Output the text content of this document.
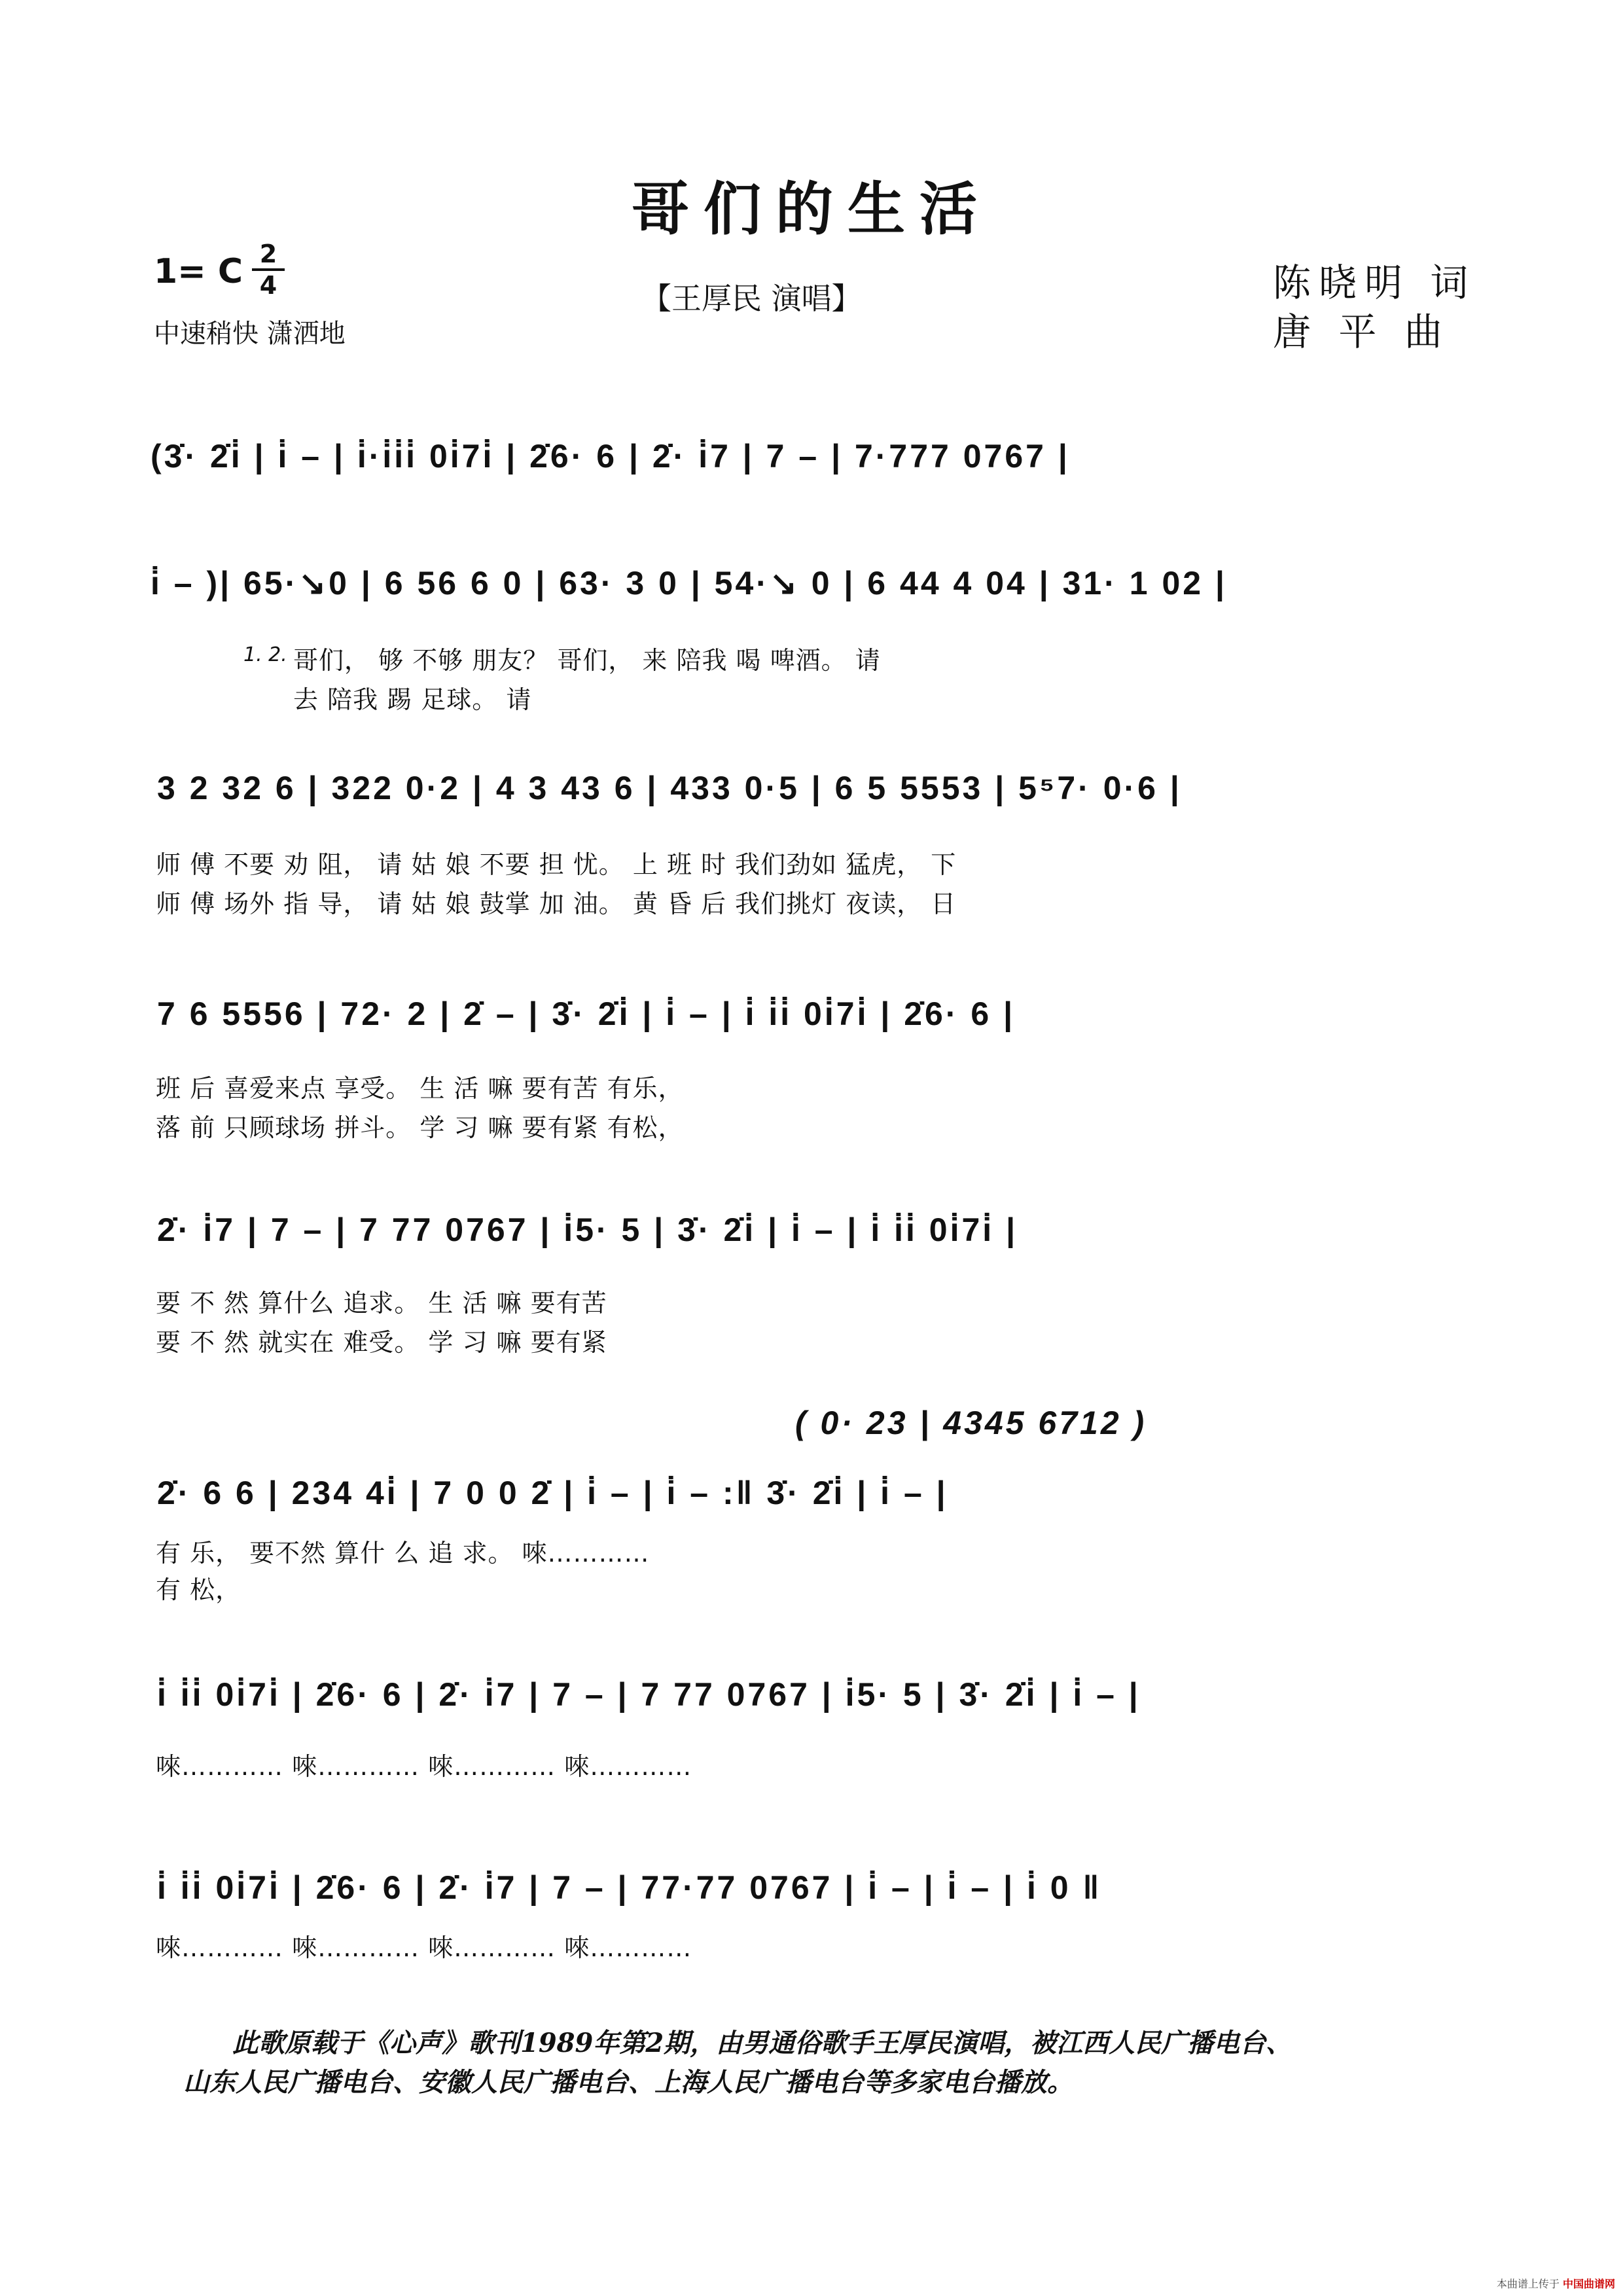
哥们的生活
1= C 2
4
中速稍快 潇洒地
【王厚民 演唱】	陈晓明 词
唐 平 曲
(3̇· 2̇i̇ | i̇ – | i̇·i̇i̇i̇ 0i̇7i̇ | 2̇6· 6 | 2̇· i̇7 | 7 – | 7·777 0767 |
i̇ – )| 65·↘0 | 6 56 6 0 | 63· 3 0 | 54·↘ 0 | 6 44 4 04 | 31· 1 02 |
1. 2. 哥们， 够 不够 朋友？ 哥们， 来 陪我 喝 啤酒。 请
去 陪我 踢 足球。 请
3 2 32 6 | 322 0·2 | 4 3 43 6 | 433 0·5 | 6 5 5553 | 5⁵7· 0·6 |
师 傅 不要 劝 阻， 请 姑 娘 不要 担 忧。 上 班 时 我们劲如 猛虎， 下
师 傅 场外 指 导， 请 姑 娘 鼓掌 加 油。 黄 昏 后 我们挑灯 夜读， 日
7 6 5556 | 72· 2 | 2̇ – | 3̇· 2̇i̇ | i̇ – | i̇ i̇i̇ 0i̇7i̇ | 2̇6· 6 |
班 后 喜爱来点 享受。 生 活 嘛 要有苦 有乐，
落 前 只顾球场 拼斗。 学 习 嘛 要有紧 有松，
2̇· i̇7 | 7 – | 7 77 0767 | i̇5· 5 | 3̇· 2̇i̇ | i̇ – | i̇ i̇i̇ 0i̇7i̇ |
要 不 然 算什么 追求。 生 活 嘛 要有苦
要 不 然 就实在 难受。 学 习 嘛 要有紧
( 0· 23 | 4345 6712 )
2̇· 6 6 | 234 4i̇ | 7 0 0 2̇ | i̇ – | i̇ – :‖ 3̇· 2̇i̇ | i̇ – |
有 乐， 要不然 算什 么 追 求。 唻…………
有 松，
i̇ i̇i̇ 0i̇7i̇ | 2̇6· 6 | 2̇· i̇7 | 7 – | 7 77 0767 | i̇5· 5 | 3̇· 2̇i̇ | i̇ – |
唻………… 唻………… 唻………… 唻…………
i̇ i̇i̇ 0i̇7i̇ | 2̇6· 6 | 2̇· i̇7 | 7 – | 77·77 0767 | i̇ – | i̇ – | i̇ 0 ‖
唻………… 唻………… 唻………… 唻…………
此歌原载于《心声》歌刊1989年第2期，由男通俗歌手王厚民演唱，被江西人民广播电台、
山东人民广播电台、安徽人民广播电台、上海人民广播电台等多家电台播放。
本曲谱上传于 中国曲谱网
